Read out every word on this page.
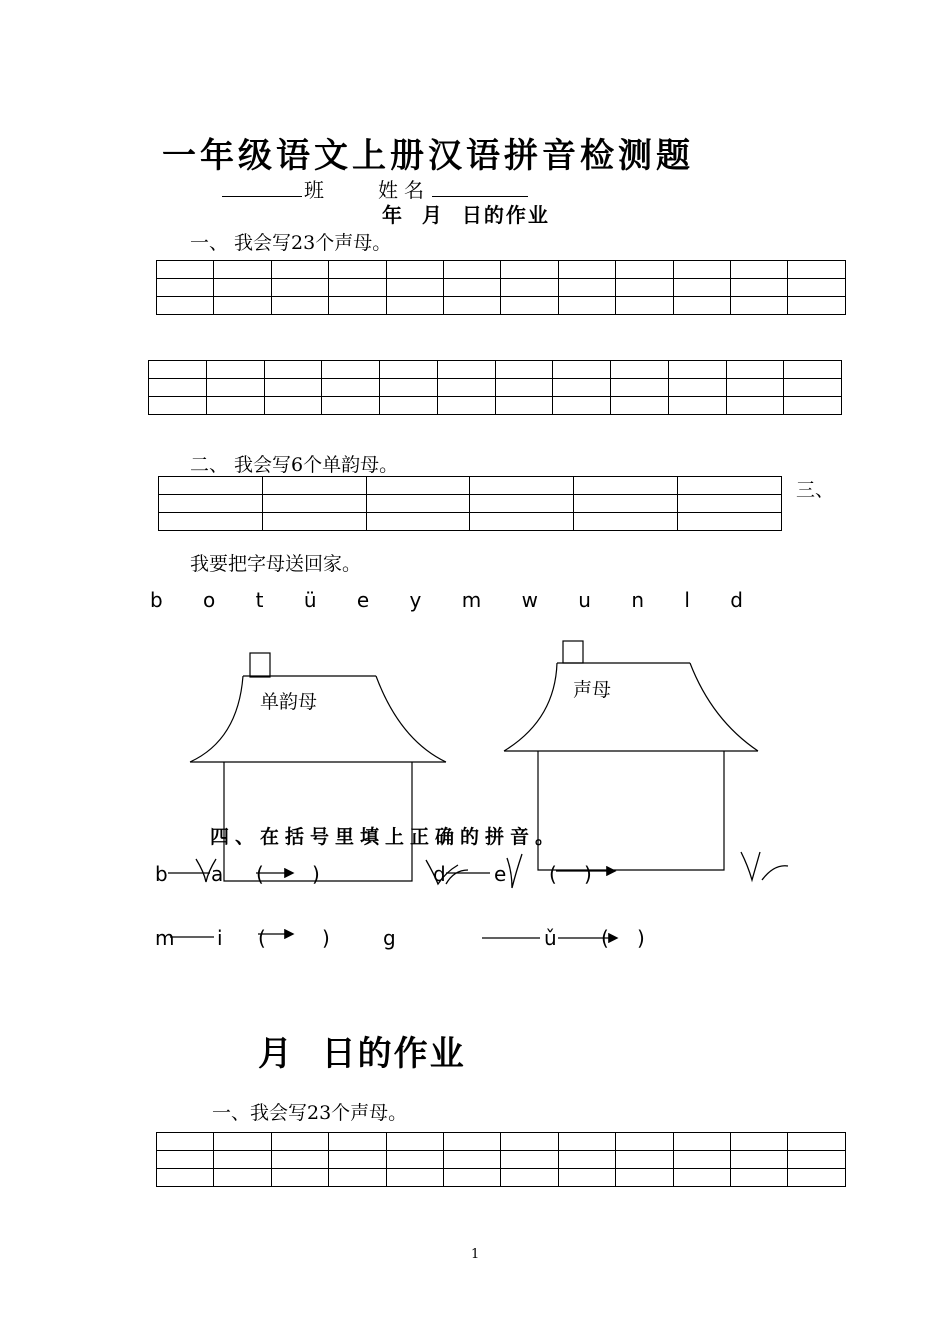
一年级语文上册汉语拼音检测题
班	姓名
年  月  日的作业
一、 我会写23个声母。

二、 我会写6个单韵母。

三、
我要把字母送回家。
b o t ü e y m w u n l d
单韵母
声母
四、在括号里填上正确的拼音。
b a ( )	d e ( )
m i (	)	g	ǔ ( )
月  日的作业
一、我会写23个声母。

1
